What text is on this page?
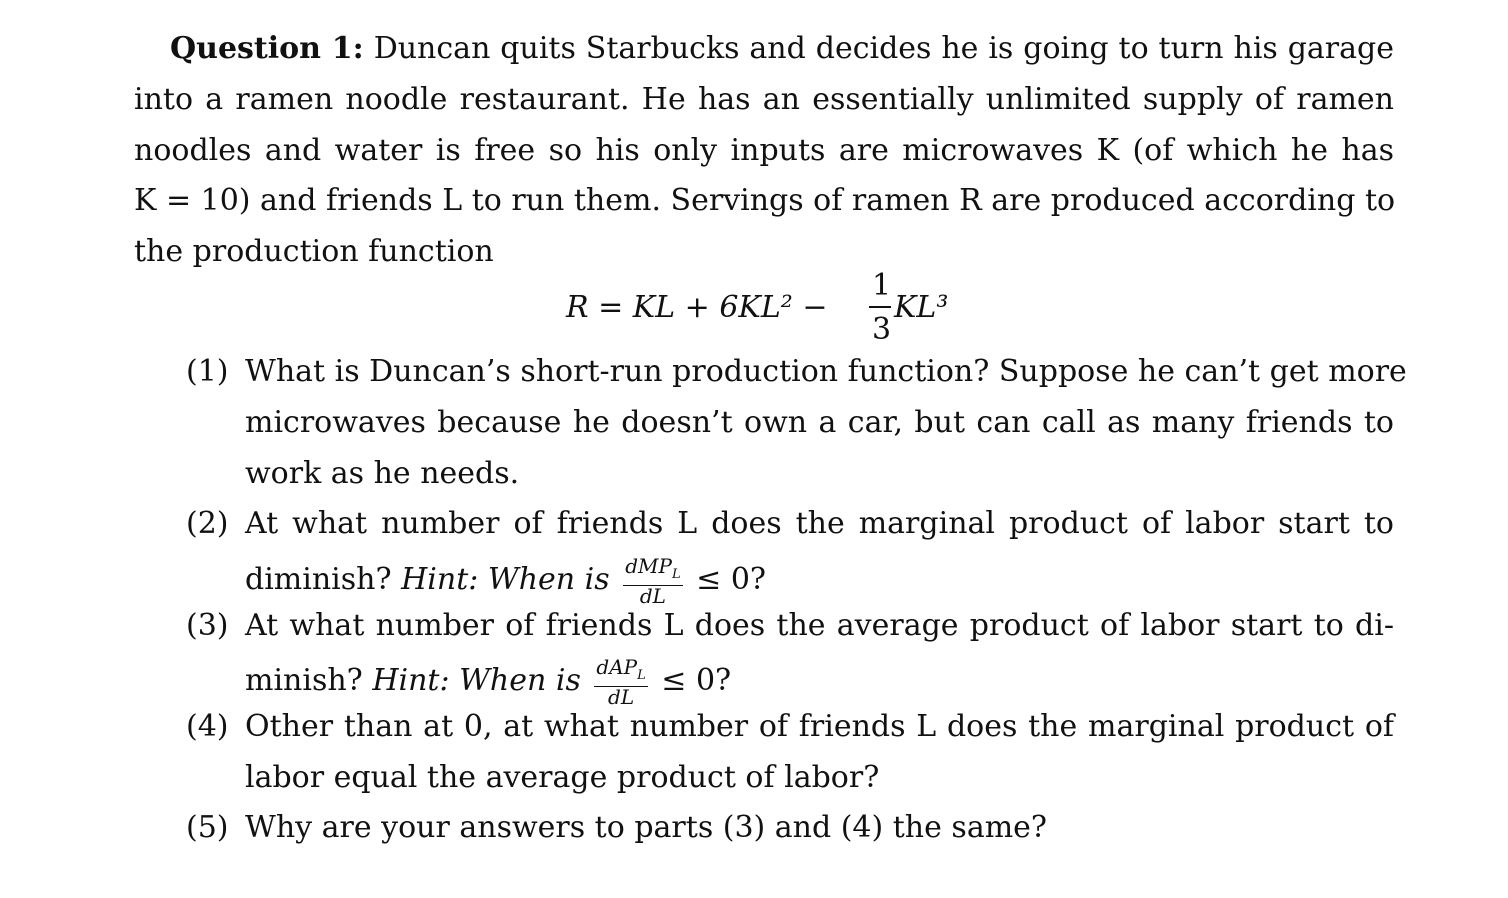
Question 1: Duncan quits Starbucks and decides he is going to turn his garage
into a ramen noodle restaurant. He has an essentially unlimited supply of ramen
noodles and water is free so his only inputs are microwaves K (of which he has
K = 10) and friends L to run them. Servings of ramen R are produced according to
the production function
R = KL + 6KL² −
1
3
KL³
(1) What is Duncan’s short-run production function? Suppose he can’t get more
microwaves because he doesn’t own a car, but can call as many friends to
work as he needs.
(2) At what number of friends L does the marginal product of labor start to
diminish? Hint: When is dMP$_L$
dL	≤ 0?
(3) At what number of friends L does the average product of labor start to di-
minish? Hint: When is dAP$_L$
dL ≤ 0?
(4) Other than at 0, at what number of friends L does the marginal product of
labor equal the average product of labor?
(5) Why are your answers to parts (3) and (4) the same?
